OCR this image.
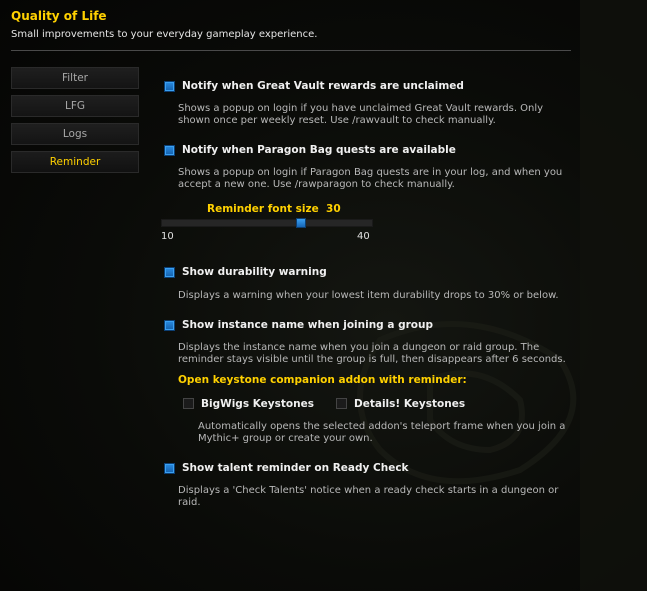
Quality of Life
Small improvements to your everyday gameplay experience.
Filter
LFG
Logs
Reminder
Notify when Great Vault rewards are unclaimed
Shows a popup on login if you have unclaimed Great Vault rewards. Only
shown once per weekly reset. Use /rawvault to check manually.
Notify when Paragon Bag quests are available
Shows a popup on login if Paragon Bag quests are in your log, and when you
accept a new one. Use /rawparagon to check manually.
Reminder font size 30
10	40
Show durability warning
Displays a warning when your lowest item durability drops to 30% or below.
Show instance name when joining a group
Displays the instance name when you join a dungeon or raid group. The
reminder stays visible until the group is full, then disappears after 6 seconds.
Open keystone companion addon with reminder:
BigWigs Keystones	Details! Keystones
Automatically opens the selected addon's teleport frame when you join a
Mythic+ group or create your own.
Show talent reminder on Ready Check
Displays a 'Check Talents' notice when a ready check starts in a dungeon or
raid.
